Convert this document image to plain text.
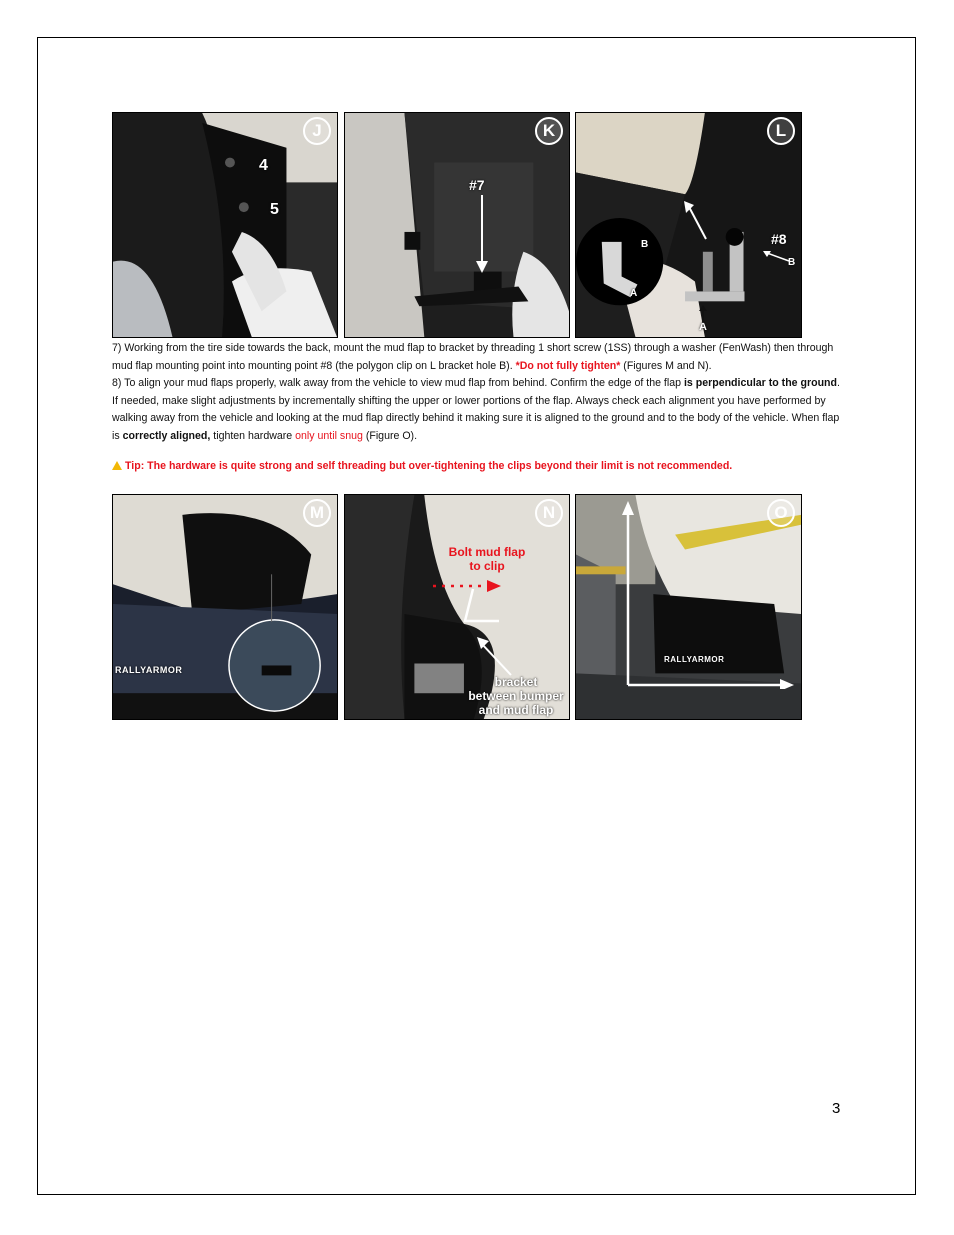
J
4
5
K
#7
L
#8
B
A
B
A

7) Working from the tire side towards the back, mount the mud flap to bracket by threading 1 short screw (1SS) through a washer (FenWash) then through mud flap mounting point into mounting point #8 (the polygon clip on L bracket hole B). *Do not fully tighten* (Figures M and N).

8) To align your mud flaps properly, walk away from the vehicle to view mud flap from behind. Confirm the edge of the flap is perpendicular to the ground. If needed, make slight adjustments by incrementally shifting the upper or lower portions of the flap. Always check each alignment you have performed by walking away from the vehicle and looking at the mud flap directly behind it making sure it is aligned to the ground and to the body of the vehicle. When flap is correctly aligned, tighten hardware only until snug (Figure O).

Tip: The hardware is quite strong and self threading but over-tightening the clips beyond their limit is not recommended.
M
RALLYARMOR
N
Bolt mud flap
to clip
bracket
between bumper
and mud flap
O
RALLYARMOR
3
